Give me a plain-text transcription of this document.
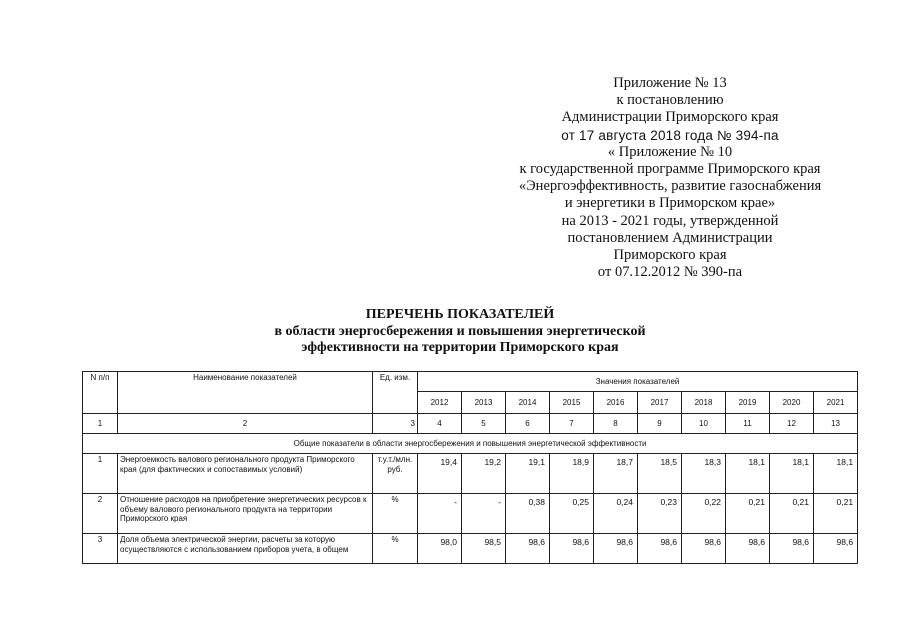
Приложение № 13
к постановлению
Администрации Приморского края
от 17 августа 2018 года № 394-па
« Приложение № 10
к государственной программе Приморского края
«Энергоэффективность, развитие газоснабжения
и энергетики в Приморском крае»
на 2013 - 2021 годы, утвержденной
постановлением Администрации
Приморского края
от 07.12.2012 № 390-па
ПЕРЕЧЕНЬ ПОКАЗАТЕЛЕЙ
в области энергосбережения и повышения энергетической
эффективности на территории Приморского края
N п/п	Наименование показателей	Ед. изм.	Значения показателей									
			2012	2013	2014	2015	2016	2017	2018	2019	2020	2021
1	2	3	4	5	6	7	8	9	10	11	12	13
Общие показатели в области энергосбережения и повышения энергетической эффективности												
1	Энергоемкость валового регионального продукта Приморского края (для фактических и сопоставимых условий)	т.у.т./млн. руб.	19,4	19,2	19,1	18,9	18,7	18,5	18,3	18,1	18,1	18,1
2	Отношение расходов на приобретение энергетических ресурсов к объему валового регионального продукта на территории Приморского края	%	-	-	0,38	0,25	0,24	0,23	0,22	0,21	0,21	0,21
3	Доля объема электрической энергии, расчеты за которую осуществляются с использованием приборов учета, в общем	%	98,0	98,5	98,6	98,6	98,6	98,6	98,6	98,6	98,6	98,6
